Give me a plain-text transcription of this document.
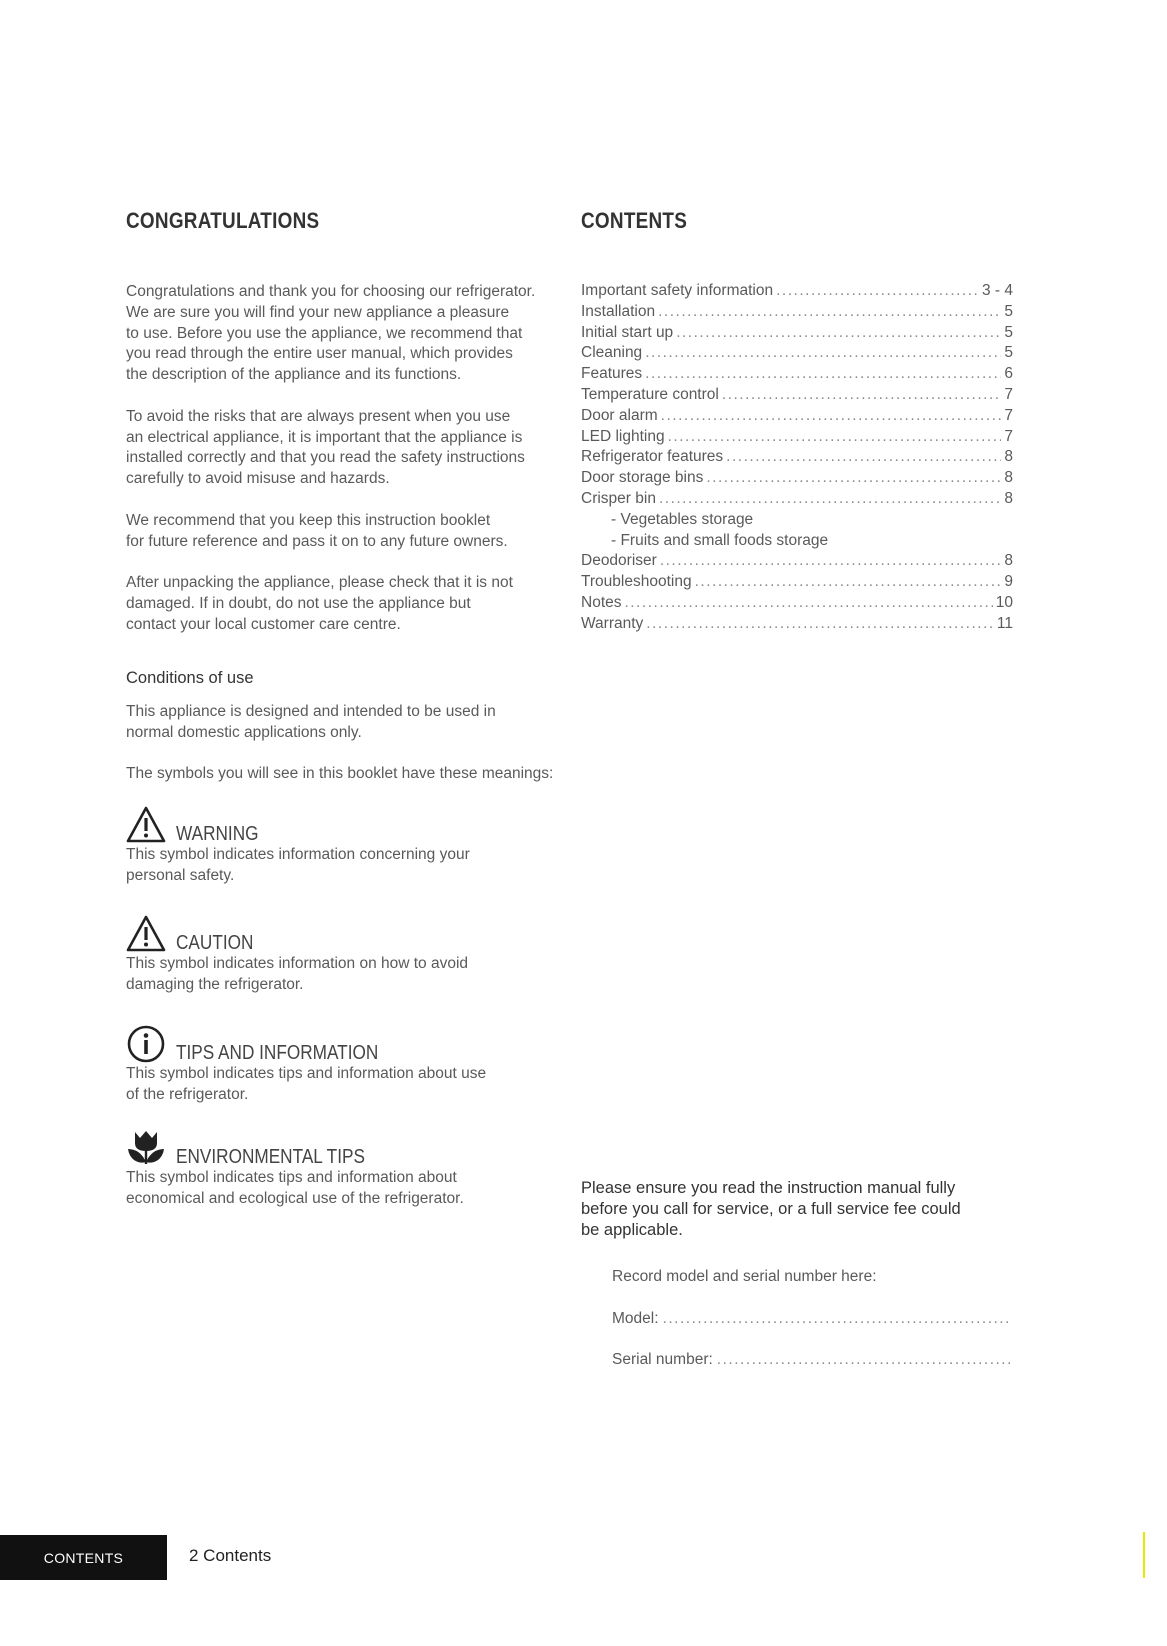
CONGRATULATIONS	CONTENTS

Congratulations and thank you for choosing our refrigerator.
We are sure you will find your new appliance a pleasure
to use. Before you use the appliance, we recommend that
you read through the entire user manual, which provides
the description of the appliance and its functions.

To avoid the risks that are always present when you use
an electrical appliance, it is important that the appliance is
installed correctly and that you read the safety instructions
carefully to avoid misuse and hazards.

We recommend that you keep this instruction booklet
for future reference and pass it on to any future owners.

After unpacking the appliance, please check that it is not
damaged. If in doubt, do not use the appliance but
contact your local customer care centre.

Conditions of use
This appliance is designed and intended to be used in
normal domestic applications only.
The symbols you will see in this booklet have these meanings:
WARNING
This symbol indicates information concerning your
personal safety.
CAUTION
This symbol indicates information on how to avoid
damaging the refrigerator.
TIPS AND INFORMATION
This symbol indicates tips and information about use
of the refrigerator.
ENVIRONMENTAL TIPS
This symbol indicates tips and information about
economical and ecological use of the refrigerator.
Important safety information .....	3 - 4
Installation .....	5
Initial start up .....	5
Cleaning .....	5
Features .....	6
Temperature control .....	7
Door alarm .....	7
LED lighting .....	7
Refrigerator features .....	8
Door storage bins .....	8
Crisper bin .....	8
- Vegetables storage
- Fruits and small foods storage
Deodoriser .....	8
Troubleshooting .....	9
Notes .....	10
Warranty .....	11
Please ensure you read the instruction manual fully
before you call for service, or a full service fee could
be applicable.
Record model and serial number here:
Model:
.....
Serial number:
.....
CONTENTS	2 Contents
